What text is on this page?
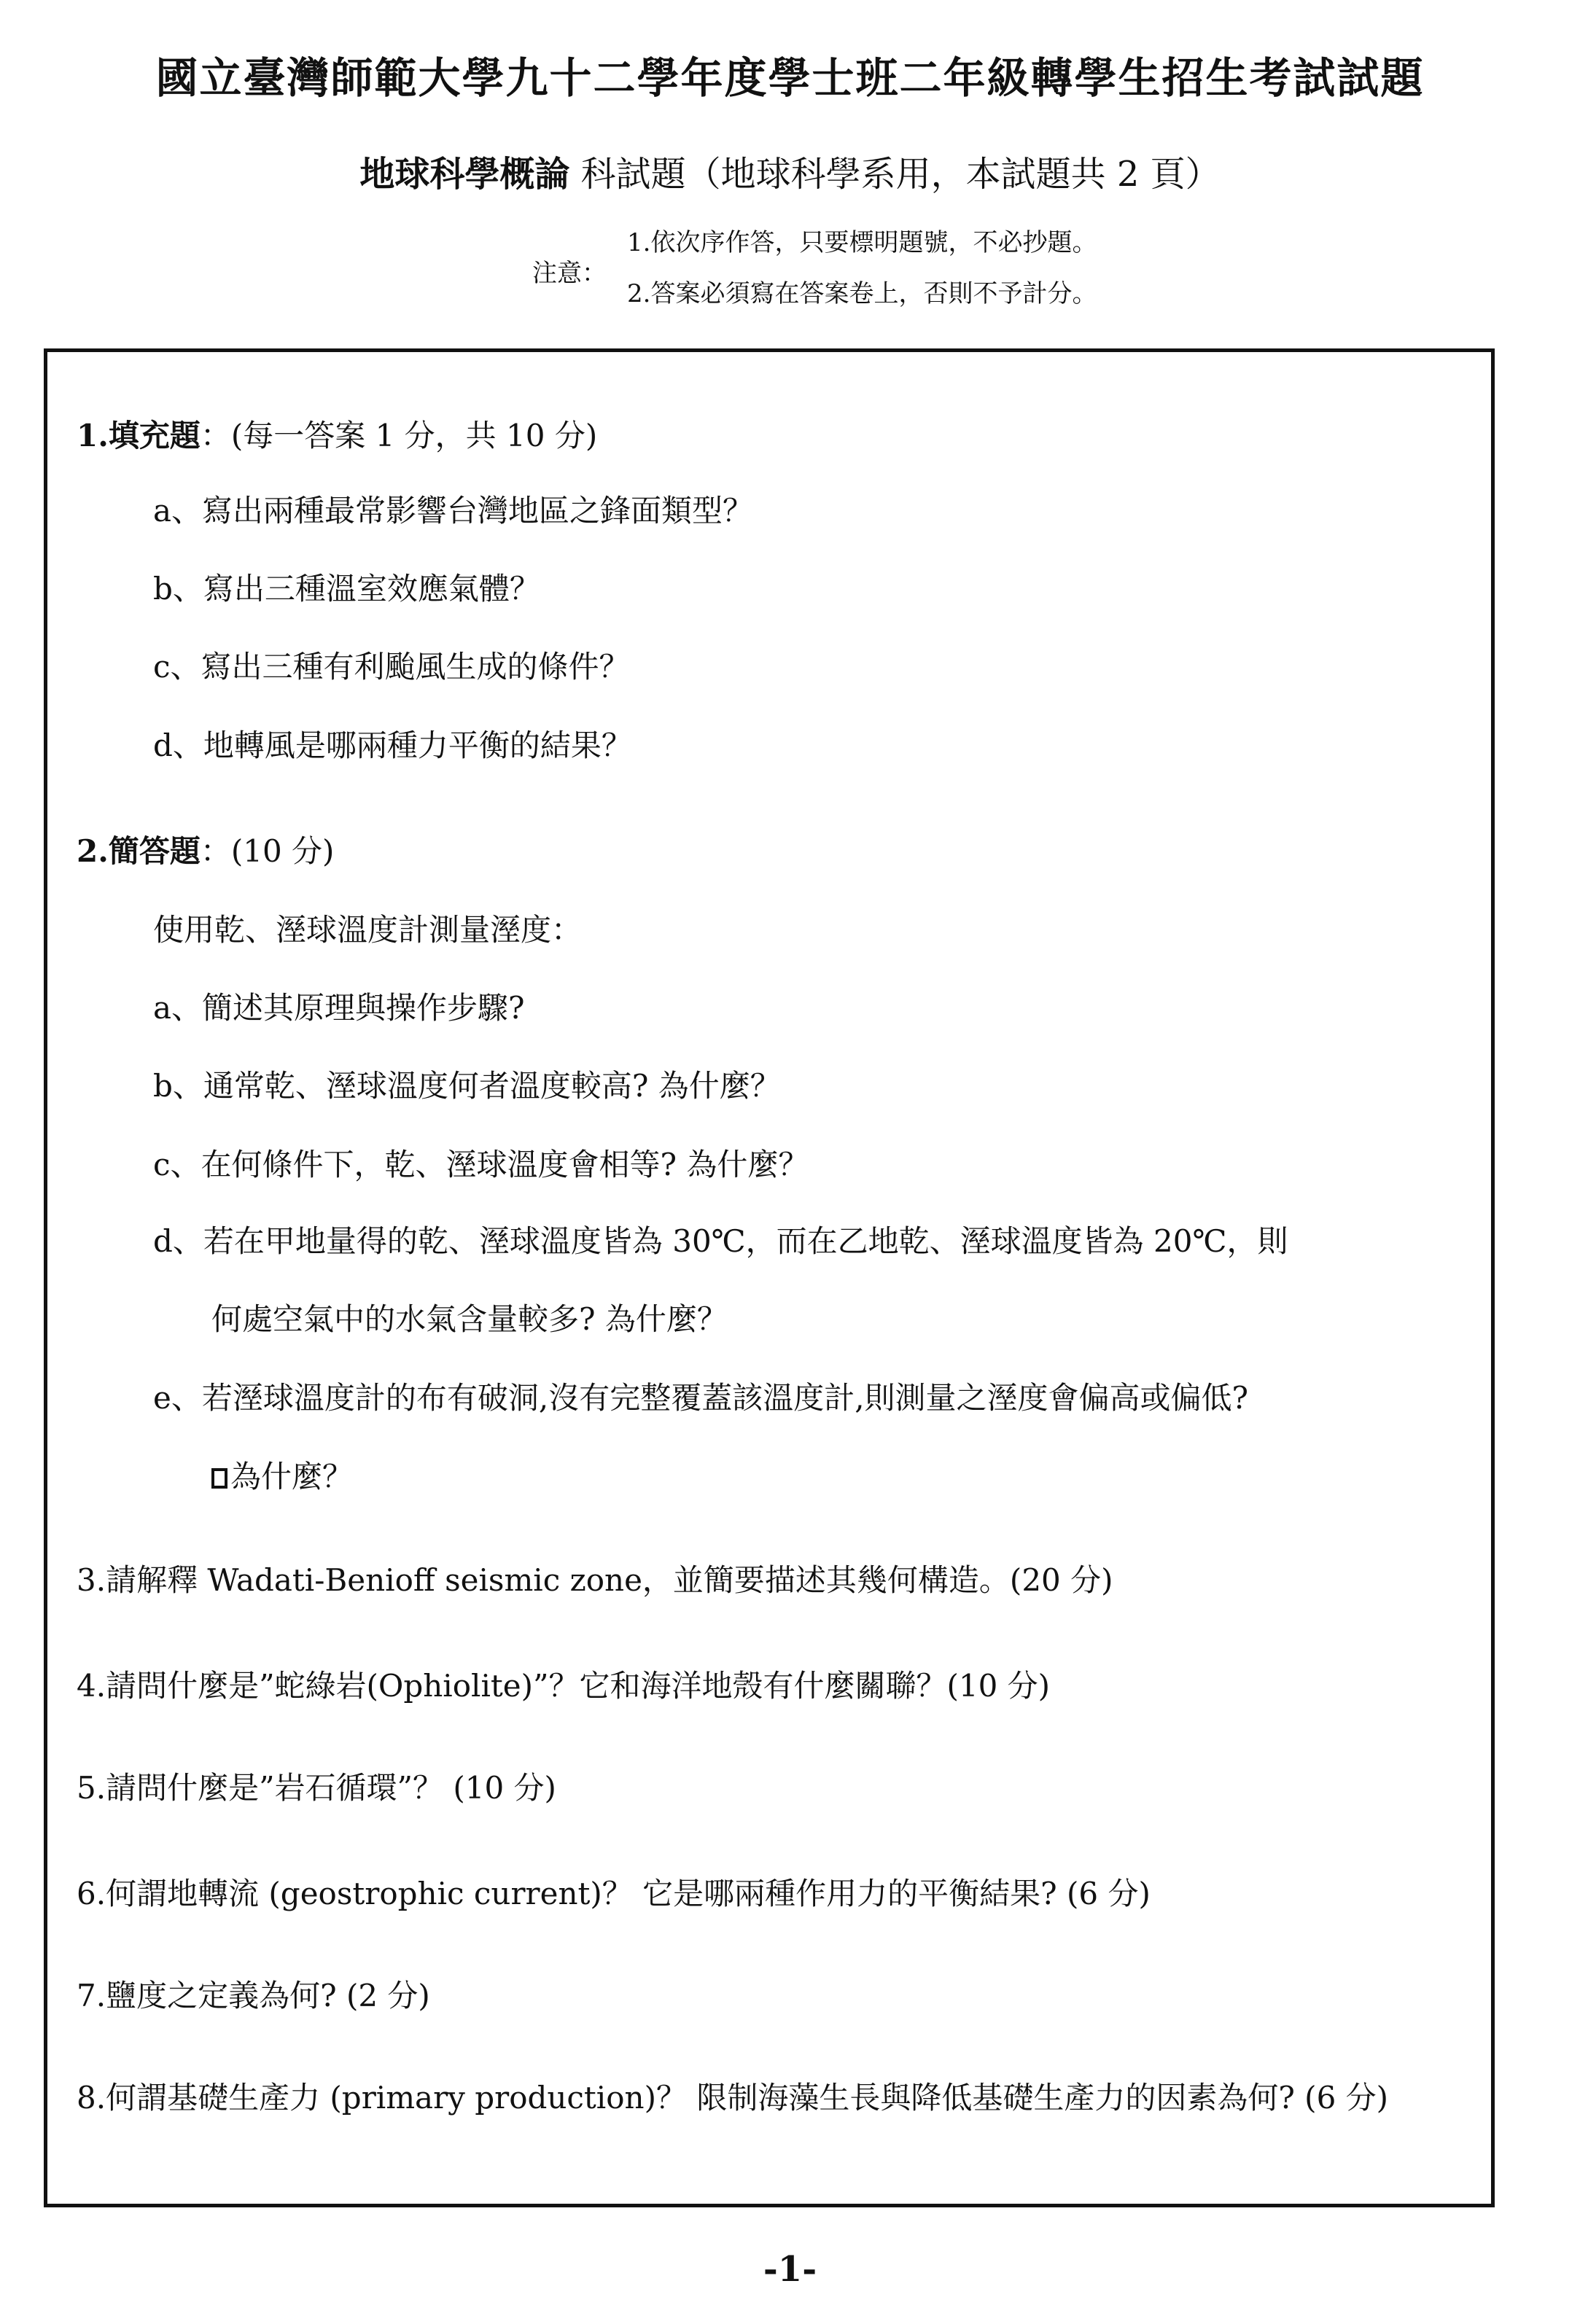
國立臺灣師範大學九十二學年度學士班二年級轉學生招生考試試題
地球科學概論 科試題（地球科學系用，本試題共 2 頁）
注意：
1.依次序作答，只要標明題號，不必抄題。
2.答案必須寫在答案卷上，否則不予計分。
1.填充題：(每一答案 1 分，共 10 分)
a、寫出兩種最常影響台灣地區之鋒面類型？
b、寫出三種溫室效應氣體？
c、寫出三種有利颱風生成的條件？
d、地轉風是哪兩種力平衡的結果？
2.簡答題：(10 分)
使用乾、溼球溫度計測量溼度：
a、簡述其原理與操作步驟?
b、通常乾、溼球溫度何者溫度較高? 為什麼？
c、在何條件下，乾、溼球溫度會相等? 為什麼？
d、若在甲地量得的乾、溼球溫度皆為 30℃，而在乙地乾、溼球溫度皆為 20℃，則
何處空氣中的水氣含量較多? 為什麼？
e、若溼球溫度計的布有破洞,沒有完整覆蓋該溫度計,則測量之溼度會偏高或偏低?
為什麼？
3.請解釋 Wadati-Benioff seismic zone，並簡要描述其幾何構造。(20 分)
4.請問什麼是”蛇綠岩(Ophiolite)”？它和海洋地殼有什麼關聯？(10 分)
5.請問什麼是”岩石循環”？ (10 分)
6.何謂地轉流 (geostrophic current)？ 它是哪兩種作用力的平衡結果? (6 分)
7.鹽度之定義為何? (2 分)
8.何謂基礎生產力 (primary production)？ 限制海藻生長與降低基礎生產力的因素為何? (6 分)
-1-
